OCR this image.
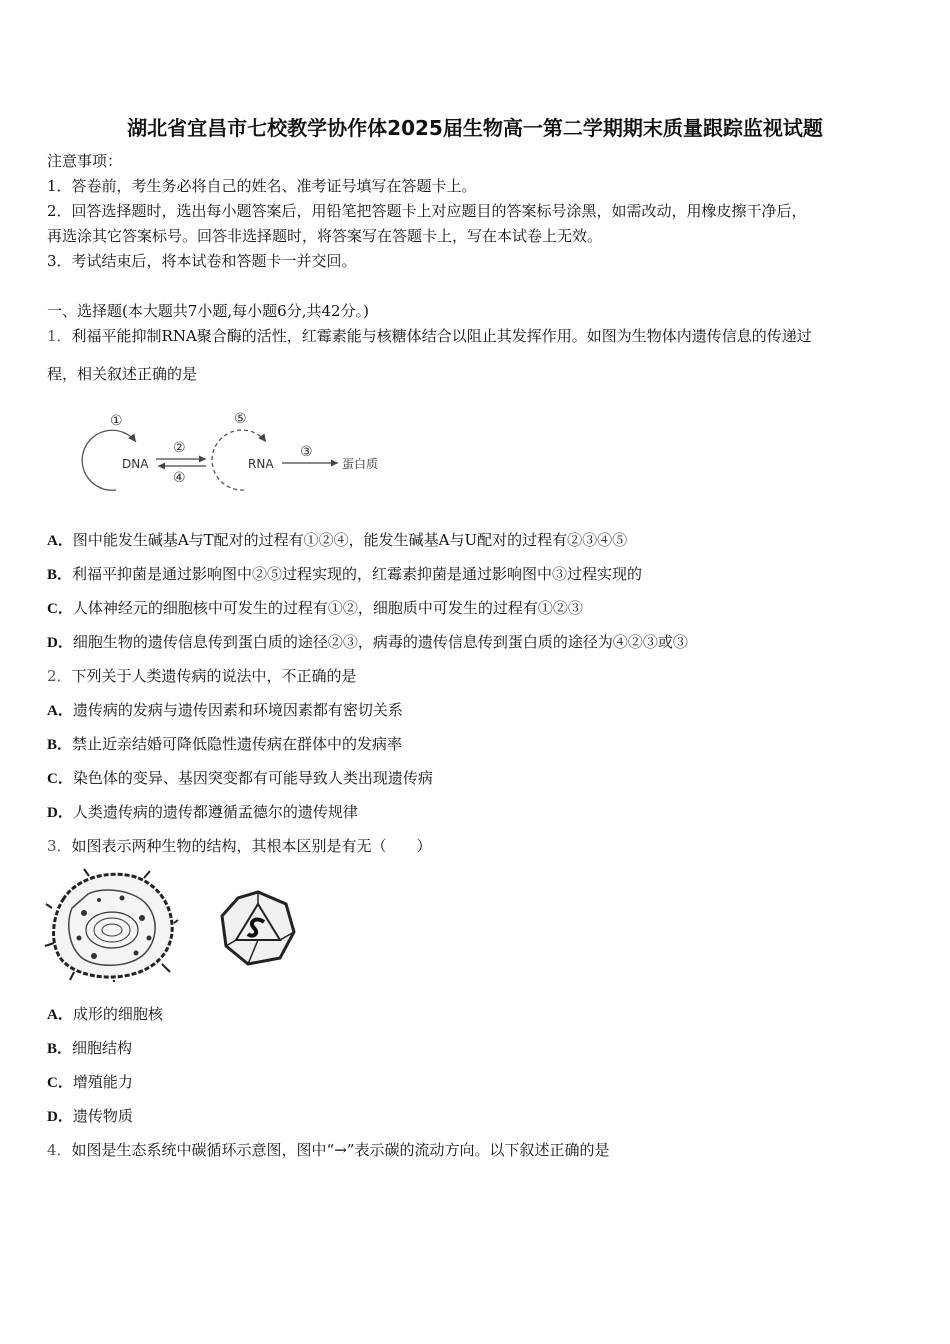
湖北省宜昌市七校教学协作体2025届生物高一第二学期期末质量跟踪监视试题
注意事项：
1．答卷前，考生务必将自己的姓名、准考证号填写在答题卡上。
2．回答选择题时，选出每小题答案后，用铅笔把答题卡上对应题目的答案标号涂黑，如需改动，用橡皮擦干净后，
再选涂其它答案标号。回答非选择题时，将答案写在答题卡上，写在本试卷上无效。
3．考试结束后，将本试卷和答题卡一并交回。
一、选择题(本大题共7小题,每小题6分,共42分。)
1．利福平能抑制RNA聚合酶的活性，红霉素能与核糖体结合以阻止其发挥作用。如图为生物体内遗传信息的传递过
程，相关叙述正确的是
①
DNA
②
④
⑤
RNA
③
蛋白质
A．图中能发生碱基A与T配对的过程有①②④，能发生碱基A与U配对的过程有②③④⑤
B．利福平抑菌是通过影响图中②⑤过程实现的，红霉素抑菌是通过影响图中③过程实现的
C．人体神经元的细胞核中可发生的过程有①②，细胞质中可发生的过程有①②③
D．细胞生物的遗传信息传到蛋白质的途径②③，病毒的遗传信息传到蛋白质的途径为④②③或③
2．下列关于人类遗传病的说法中，不正确的是
A．遗传病的发病与遗传因素和环境因素都有密切关系
B．禁止近亲结婚可降低隐性遗传病在群体中的发病率
C．染色体的变异、基因突变都有可能导致人类出现遗传病
D．人类遗传病的遗传都遵循孟德尔的遗传规律
3．如图表示两种生物的结构，其根本区别是有无（　　）
A．成形的细胞核
B．细胞结构
C．增殖能力
D．遗传物质
4．如图是生态系统中碳循环示意图，图中“→”表示碳的流动方向。以下叙述正确的是
